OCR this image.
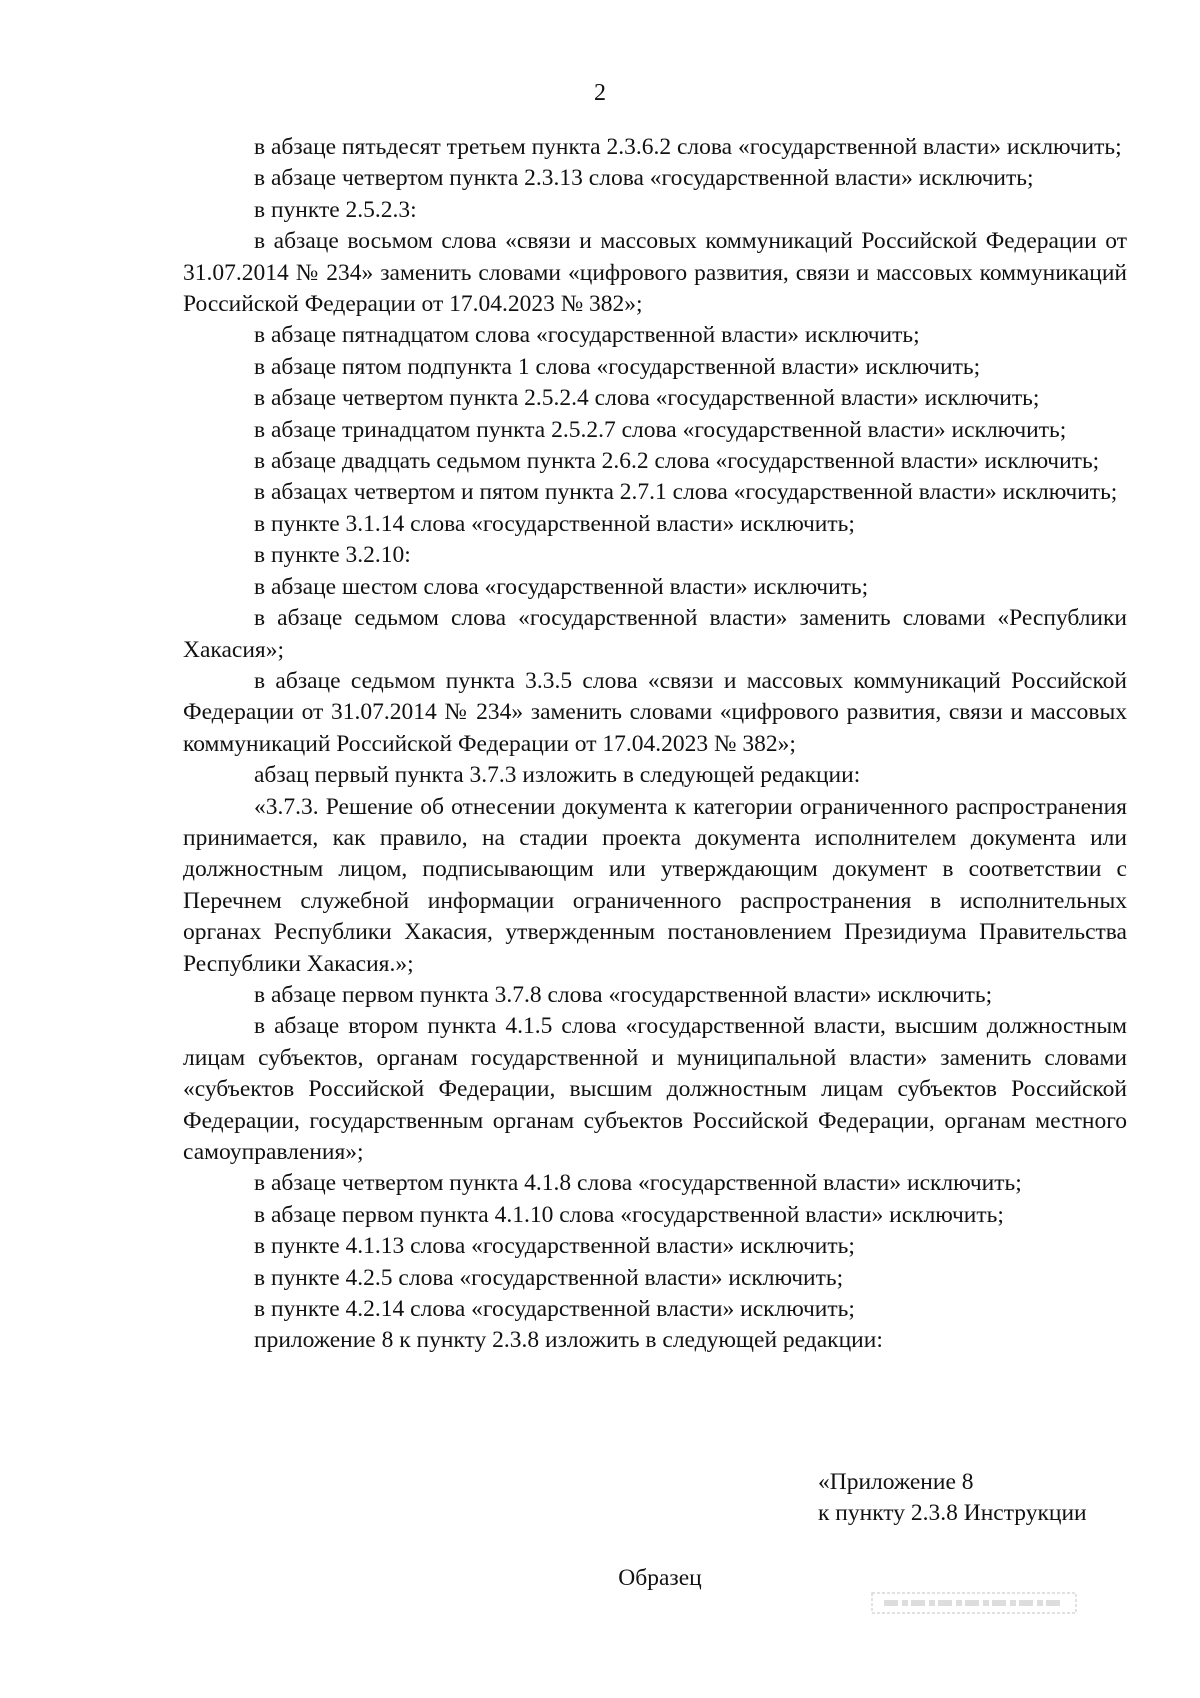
2

в абзаце пятьдесят третьем пункта 2.3.6.2 слова «государственной власти» исключить;

в абзаце четвертом пункта 2.3.13 слова «государственной власти» исключить;

в пункте 2.5.2.3:

в абзаце восьмом слова «связи и массовых коммуникаций Российской Федерации от 31.07.2014 № 234» заменить словами «цифрового развития, связи и массовых коммуникаций Российской Федерации от 17.04.2023 № 382»;

в абзаце пятнадцатом слова «государственной власти» исключить;

в абзаце пятом подпункта 1 слова «государственной власти» исключить;

в абзаце четвертом пункта 2.5.2.4 слова «государственной власти» исключить;

в абзаце тринадцатом пункта 2.5.2.7 слова «государственной власти» исключить;

в абзаце двадцать седьмом пункта 2.6.2 слова «государственной власти» исключить;

в абзацах четвертом и пятом пункта 2.7.1 слова «государственной власти» исключить;

в пункте 3.1.14 слова «государственной власти» исключить;

в пункте 3.2.10:

в абзаце шестом слова «государственной власти» исключить;

в абзаце седьмом слова «государственной власти» заменить словами «Республики Хакасия»;

в абзаце седьмом пункта 3.3.5 слова «связи и массовых коммуникаций Российской Федерации от 31.07.2014 № 234» заменить словами «цифрового развития, связи и массовых коммуникаций Российской Федерации от 17.04.2023 № 382»;

абзац первый пункта 3.7.3 изложить в следующей редакции:

«3.7.3. Решение об отнесении документа к категории ограниченного распространения принимается, как правило, на стадии проекта документа исполнителем документа или должностным лицом, подписывающим или утверждающим документ в соответствии с Перечнем служебной информации ограниченного распространения в исполнительных органах Республики Хакасия, утвержденным постановлением Президиума Правительства Республики Хакасия.»;

в абзаце первом пункта 3.7.8 слова «государственной власти» исключить;

в абзаце втором пункта 4.1.5 слова «государственной власти, высшим должностным лицам субъектов, органам государственной и муниципальной власти» заменить словами «субъектов Российской Федерации, высшим должностным лицам субъектов Российской Федерации, государственным органам субъектов Российской Федерации, органам местного самоуправления»;

в абзаце четвертом пункта 4.1.8 слова «государственной власти» исключить;

в абзаце первом пункта 4.1.10 слова «государственной власти» исключить;

в пункте 4.1.13 слова «государственной власти» исключить;

в пункте 4.2.5 слова «государственной власти» исключить;

в пункте 4.2.14 слова «государственной власти» исключить;

приложение 8 к пункту 2.3.8 изложить в следующей редакции:

«Приложение 8
к пункту 2.3.8 Инструкции
Образец
